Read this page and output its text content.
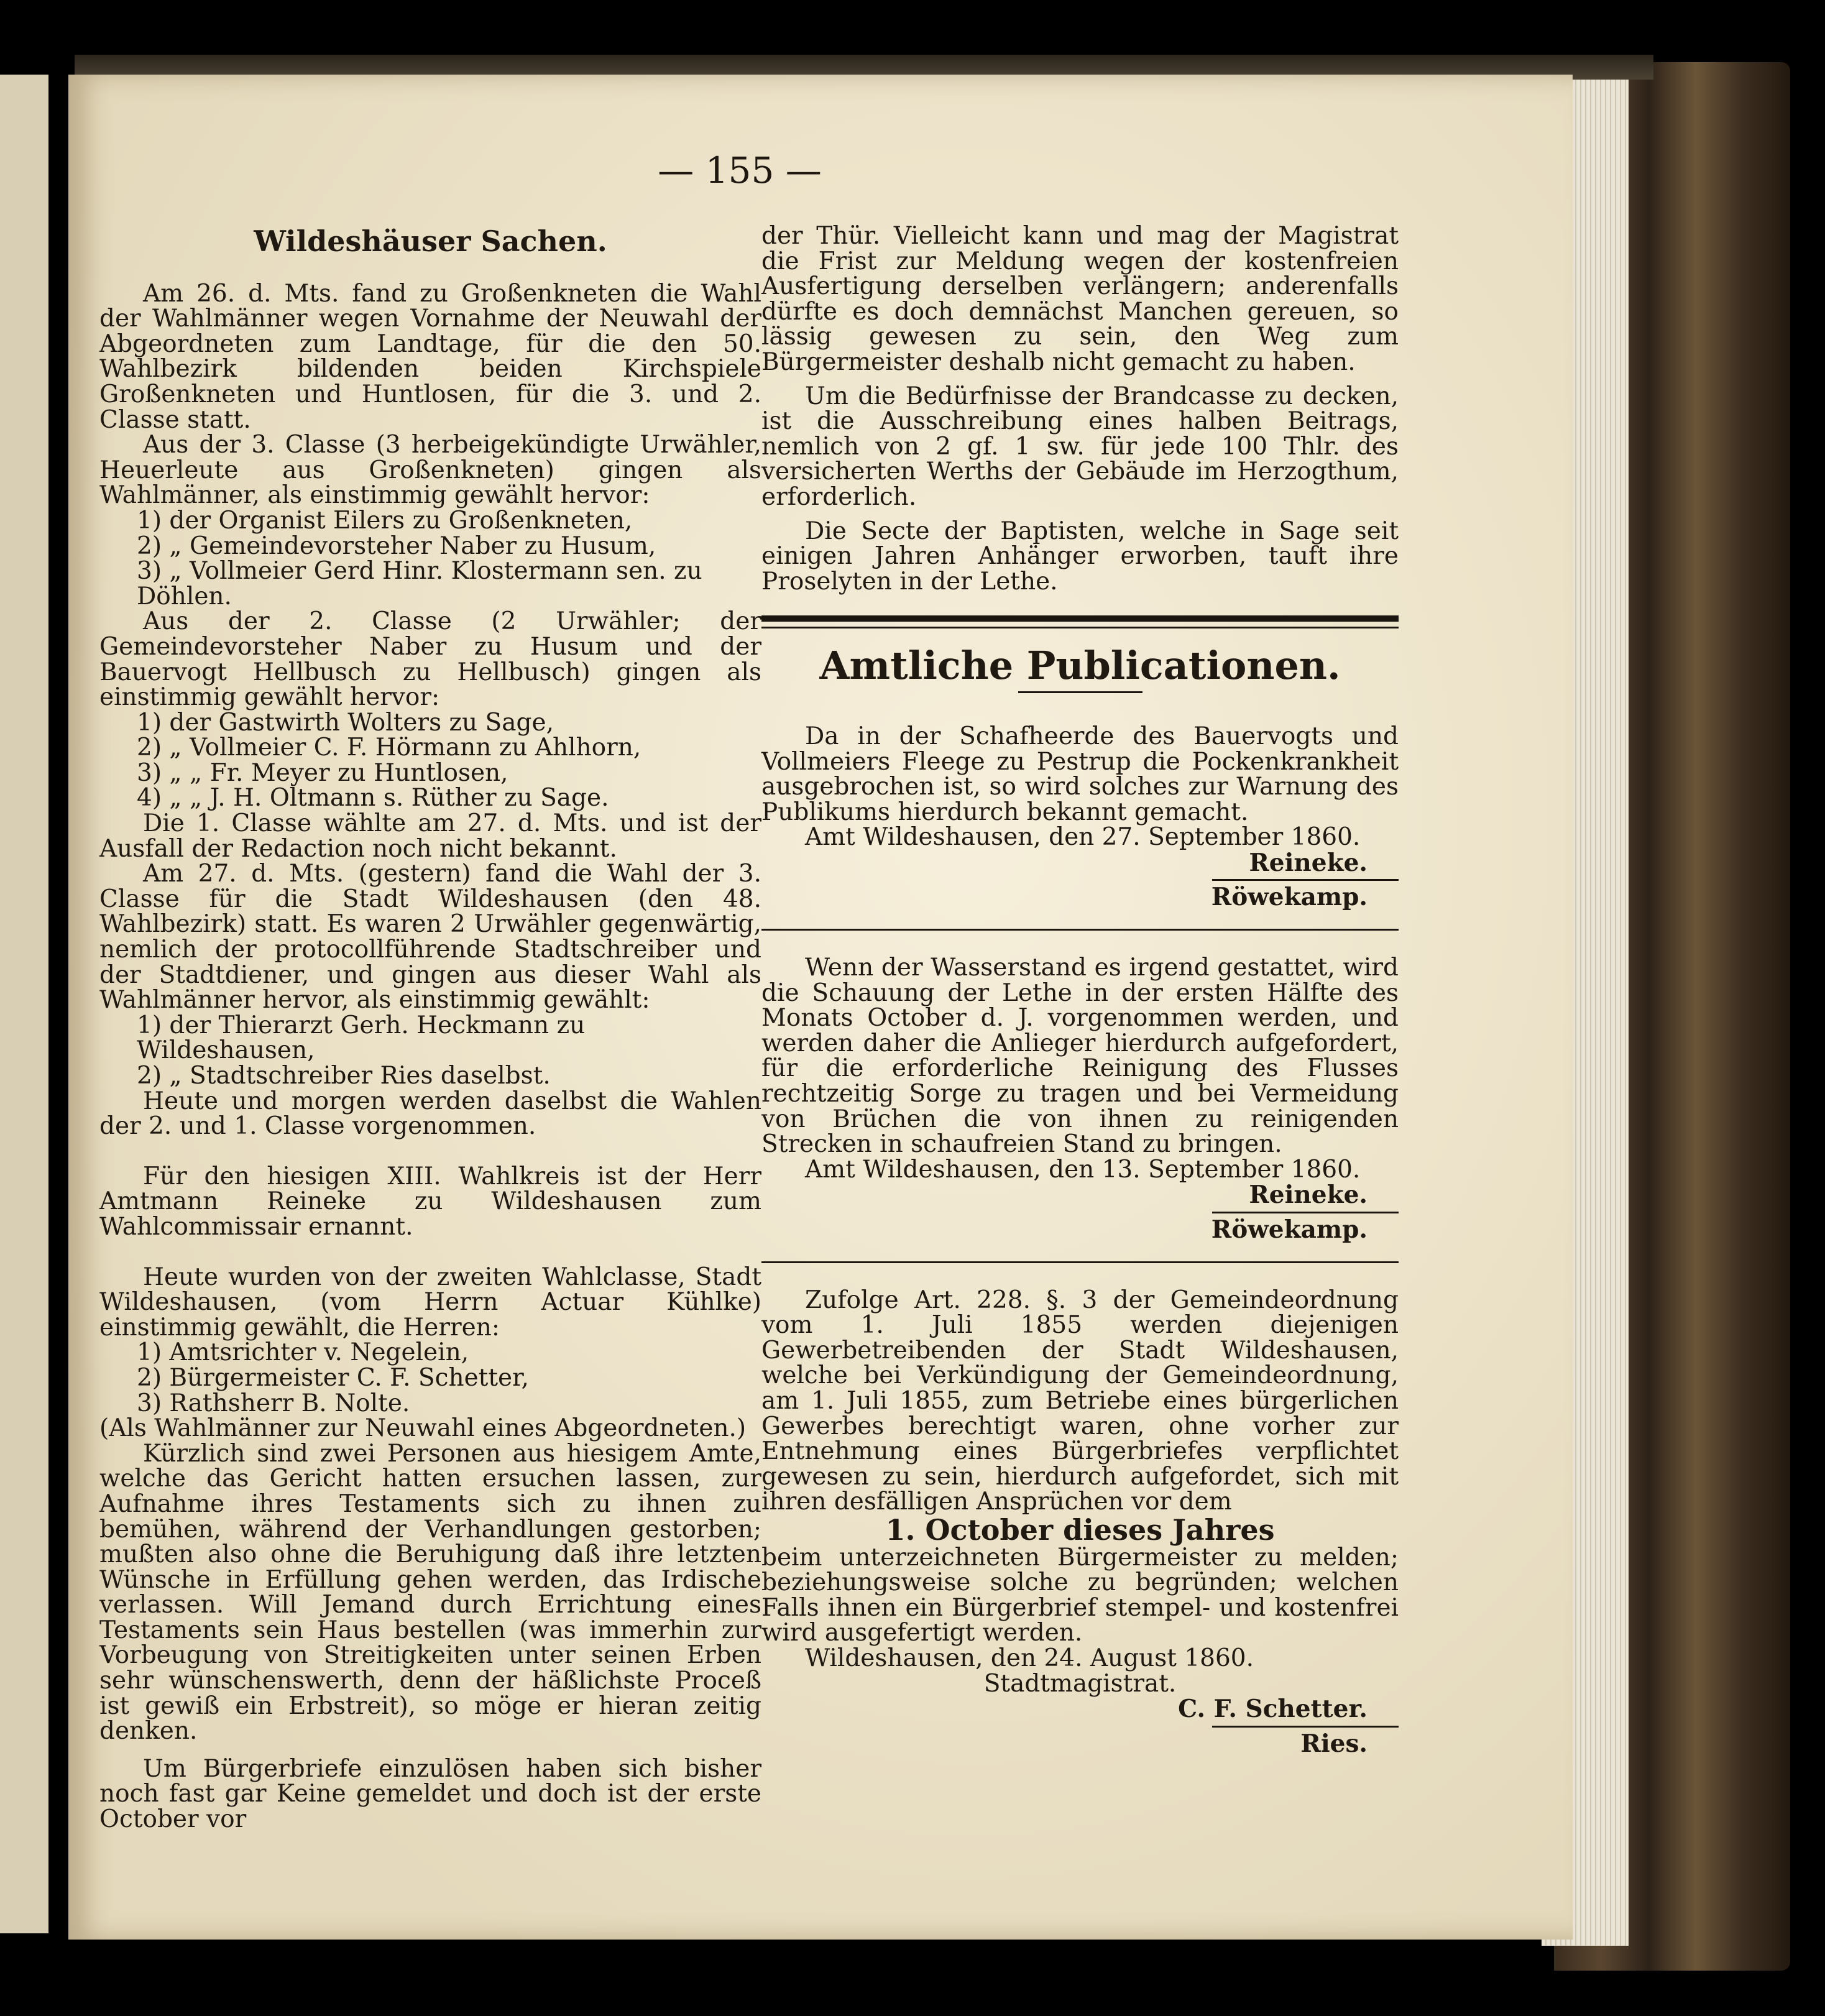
— 155 —
Wildeshäuser Sachen.

Am 26. d. Mts. fand zu Großenkneten die Wahl der Wahlmänner wegen Vornahme der Neuwahl der Abgeordneten zum Landtage, für die den 50. Wahlbezirk bildenden beiden Kirchspiele Großenkneten und Huntlosen, für die 3. und 2. Classe statt.

Aus der 3. Classe (3 herbeigekündigte Urwähler, Heuerleute aus Großenkneten) gingen als Wahlmänner, als einstimmig gewählt hervor:

1) der Organist Eilers zu Großenkneten,

2) „ Gemeindevorsteher Naber zu Husum,

3) „ Vollmeier Gerd Hinr. Klostermann sen. zu Döhlen.

Aus der 2. Classe (2 Urwähler; der Gemeindevorsteher Naber zu Husum und der Bauervogt Hellbusch zu Hellbusch) gingen als einstimmig gewählt hervor:

1) der Gastwirth Wolters zu Sage,

2) „ Vollmeier C. F. Hörmann zu Ahlhorn,

3) „ „ Fr. Meyer zu Huntlosen,

4) „ „ J. H. Oltmann s. Rüther zu Sage.

Die 1. Classe wählte am 27. d. Mts. und ist der Ausfall der Redaction noch nicht bekannt.

Am 27. d. Mts. (gestern) fand die Wahl der 3. Classe für die Stadt Wildeshausen (den 48. Wahlbezirk) statt. Es waren 2 Urwähler gegenwärtig, nemlich der protocollführende Stadtschreiber und der Stadtdiener, und gingen aus dieser Wahl als Wahlmänner hervor, als einstimmig gewählt:

1) der Thierarzt Gerh. Heckmann zu Wildeshausen,

2) „ Stadtschreiber Ries daselbst.

Heute und morgen werden daselbst die Wahlen der 2. und 1. Classe vorgenommen.

Für den hiesigen XIII. Wahlkreis ist der Herr Amtmann Reineke zu Wildeshausen zum Wahlcommissair ernannt.

Heute wurden von der zweiten Wahlclasse, Stadt Wildeshausen, (vom Herrn Actuar Kühlke) einstimmig gewählt, die Herren:

1) Amtsrichter v. Negelein,

2) Bürgermeister C. F. Schetter,

3) Rathsherr B. Nolte.

(Als Wahlmänner zur Neuwahl eines Abgeordneten.)

Kürzlich sind zwei Personen aus hiesigem Amte, welche das Gericht hatten ersuchen lassen, zur Aufnahme ihres Testaments sich zu ihnen zu bemühen, während der Verhandlungen gestorben; mußten also ohne die Beruhigung daß ihre letzten Wünsche in Erfüllung gehen werden, das Irdische verlassen. Will Jemand durch Errichtung eines Testaments sein Haus bestellen (was immerhin zur Vorbeugung von Streitigkeiten unter seinen Erben sehr wünschenswerth, denn der häßlichste Proceß ist gewiß ein Erbstreit), so möge er hieran zeitig denken.

Um Bürgerbriefe einzulösen haben sich bisher noch fast gar Keine gemeldet und doch ist der erste October vor

der Thür. Vielleicht kann und mag der Magistrat die Frist zur Meldung wegen der kostenfreien Ausfertigung derselben verlängern; anderenfalls dürfte es doch demnächst Manchen gereuen, so lässig gewesen zu sein, den Weg zum Bürgermeister deshalb nicht gemacht zu haben.

Um die Bedürfnisse der Brandcasse zu decken, ist die Ausschreibung eines halben Beitrags, nemlich von 2 gf. 1 sw. für jede 100 Thlr. des versicherten Werths der Gebäude im Herzogthum, erforderlich.

Die Secte der Baptisten, welche in Sage seit einigen Jahren Anhänger erworben, tauft ihre Proselyten in der Lethe.

Amtliche Publicationen.

Da in der Schafheerde des Bauervogts und Vollmeiers Fleege zu Pestrup die Pockenkrankheit ausgebrochen ist, so wird solches zur Warnung des Publikums hierdurch bekannt gemacht.

Amt Wildeshausen, den 27. September 1860.

Reineke.
Röwekamp.

Wenn der Wasserstand es irgend gestattet, wird die Schauung der Lethe in der ersten Hälfte des Monats October d. J. vorgenommen werden, und werden daher die Anlieger hierdurch aufgefordert, für die erforderliche Reinigung des Flusses rechtzeitig Sorge zu tragen und bei Vermeidung von Brüchen die von ihnen zu reinigenden Strecken in schaufreien Stand zu bringen.

Amt Wildeshausen, den 13. September 1860.

Reineke.
Röwekamp.

Zufolge Art. 228. §. 3 der Gemeindeordnung vom 1. Juli 1855 werden diejenigen Gewerbetreibenden der Stadt Wildeshausen, welche bei Verkündigung der Gemeindeordnung, am 1. Juli 1855, zum Betriebe eines bürgerlichen Gewerbes berechtigt waren, ohne vorher zur Entnehmung eines Bürgerbriefes verpflichtet gewesen zu sein, hierdurch aufgefordet, sich mit ihren desfälligen Ansprüchen vor dem

1. October dieses Jahres

beim unterzeichneten Bürgermeister zu melden; beziehungsweise solche zu begründen; welchen Falls ihnen ein Bürgerbrief stempel- und kostenfrei wird ausgefertigt werden.

Wildeshausen, den 24. August 1860.

Stadtmagistrat.
C. F. Schetter.
Ries.
